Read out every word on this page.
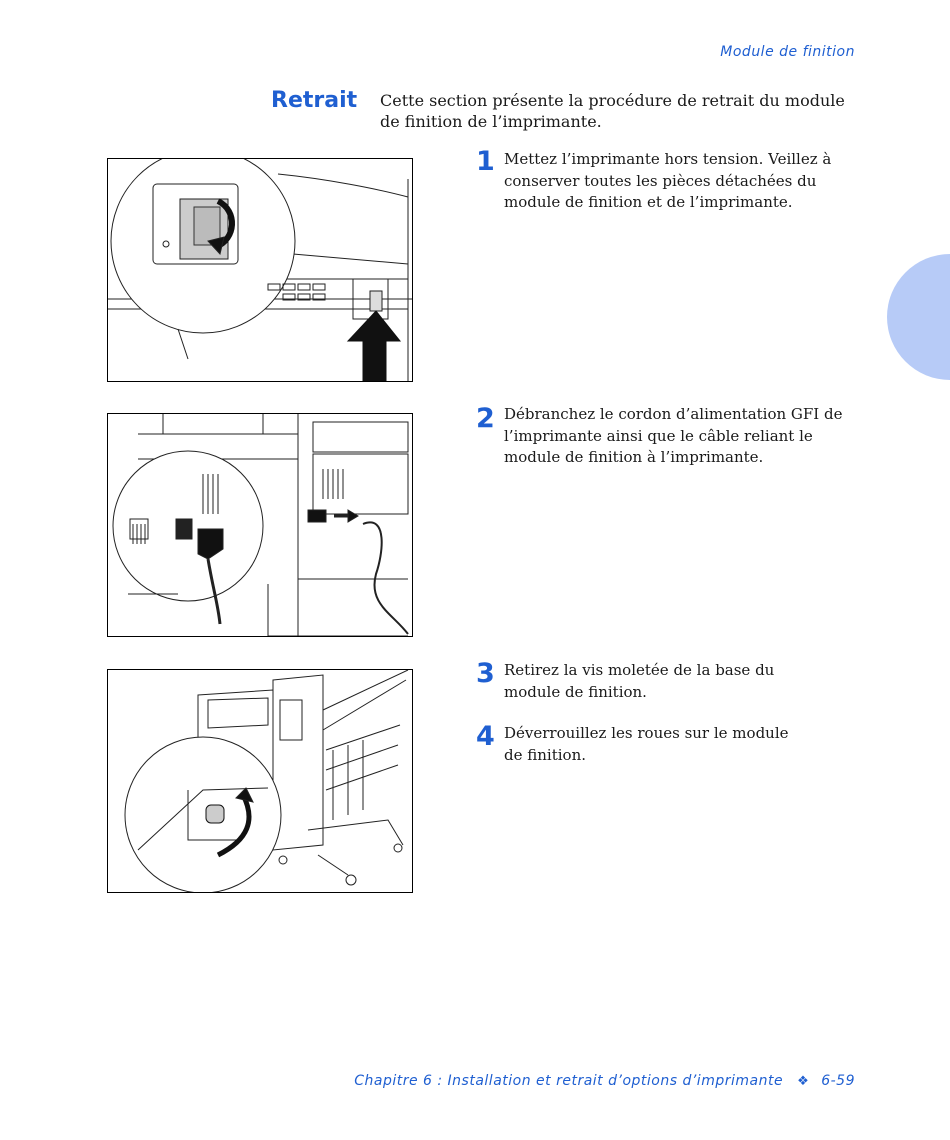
Module de finition
Retrait Cette section présente la procédure de retrait du module de finition de l’imprimante.
1 Mettez l’imprimante hors tension. Veillez à conserver toutes les pièces détachées du module de finition et de l’imprimante.
2 Débranchez le cordon d’alimentation GFI de l’imprimante ainsi que le câble reliant le module de finition à l’imprimante.
3 Retirez la vis moletée de la base du module de finition.
4 Déverrouillez les roues sur le module de finition.
Chapitre 6 : Installation et retrait d’options d’imprimante ❖ 6-59
